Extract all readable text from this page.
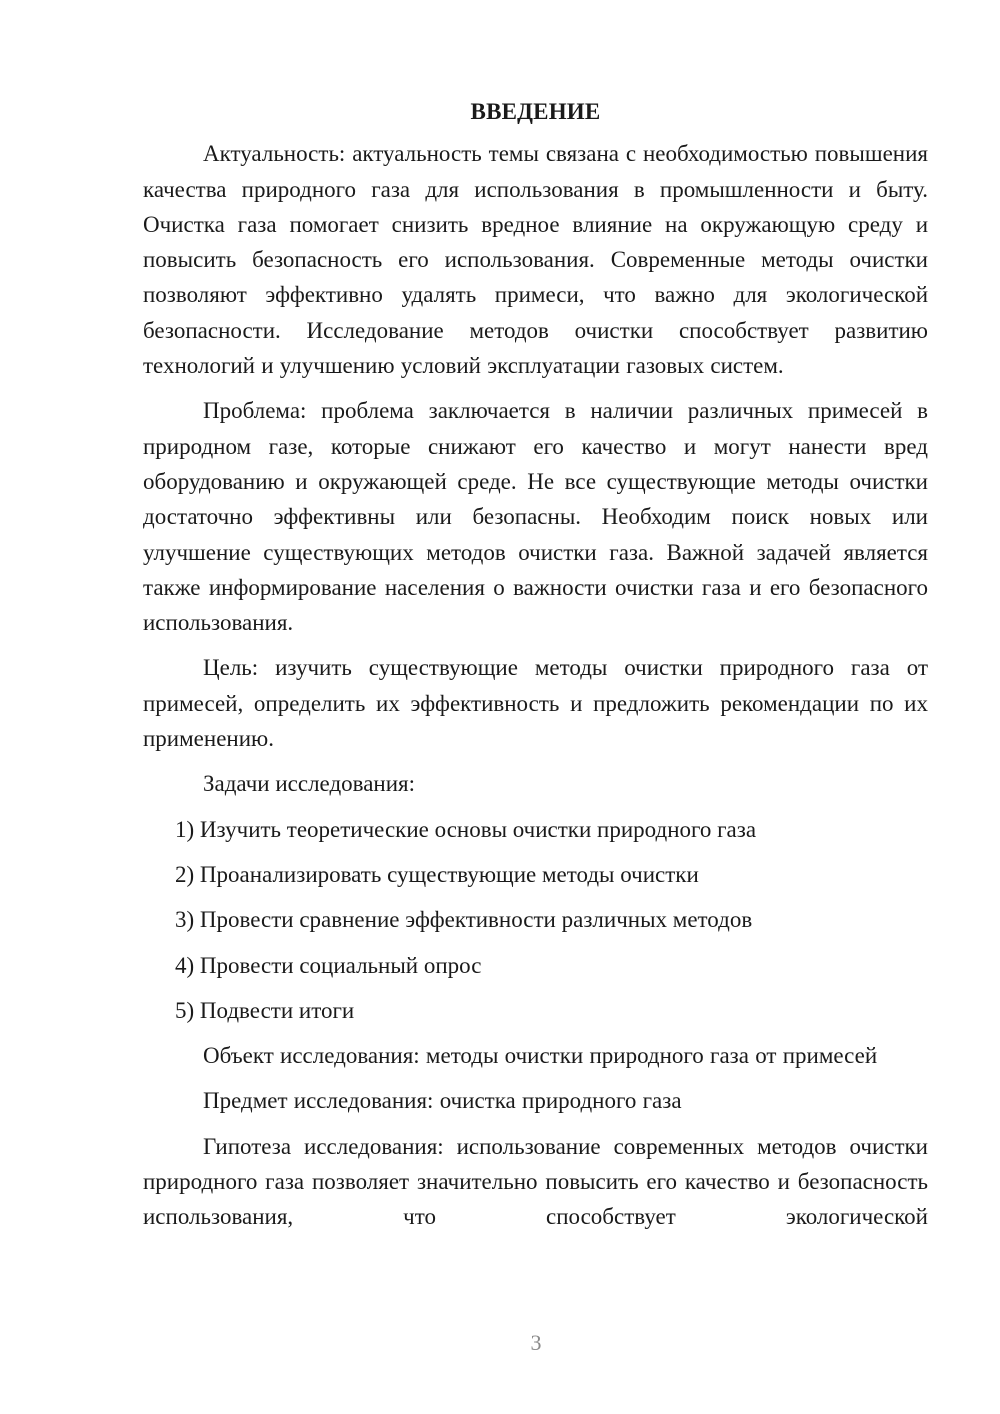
ВВЕДЕНИЕ

Актуальность: актуальность темы связана с необходимостью повышения качества природного газа для использования в промышленности и быту. Очистка газа помогает снизить вредное влияние на окружающую среду и повысить безопасность его использования. Современные методы очистки позволяют эффективно удалять примеси, что важно для экологической безопасности. Исследование методов очистки способствует развитию технологий и улучшению условий эксплуатации газовых систем.

Проблема: проблема заключается в наличии различных примесей в природном газе, которые снижают его качество и могут нанести вред оборудованию и окружающей среде. Не все существующие методы очистки достаточно эффективны или безопасны. Необходим поиск новых или улучшение существующих методов очистки газа. Важной задачей является также информирование населения о важности очистки газа и его безопасного использования.

Цель: изучить существующие методы очистки природного газа от примесей, определить их эффективность и предложить рекомендации по их применению.

Задачи исследования:

1) Изучить теоретические основы очистки природного газа
2) Проанализировать существующие методы очистки
3) Провести сравнение эффективности различных методов
4) Провести социальный опрос
5) Подвести итоги

Объект исследования: методы очистки природного газа от примесей

Предмет исследования: очистка природного газа

Гипотеза исследования: использование современных методов очистки природного газа позволяет значительно повысить его качество и безопасность использования, что способствует экологической

3
